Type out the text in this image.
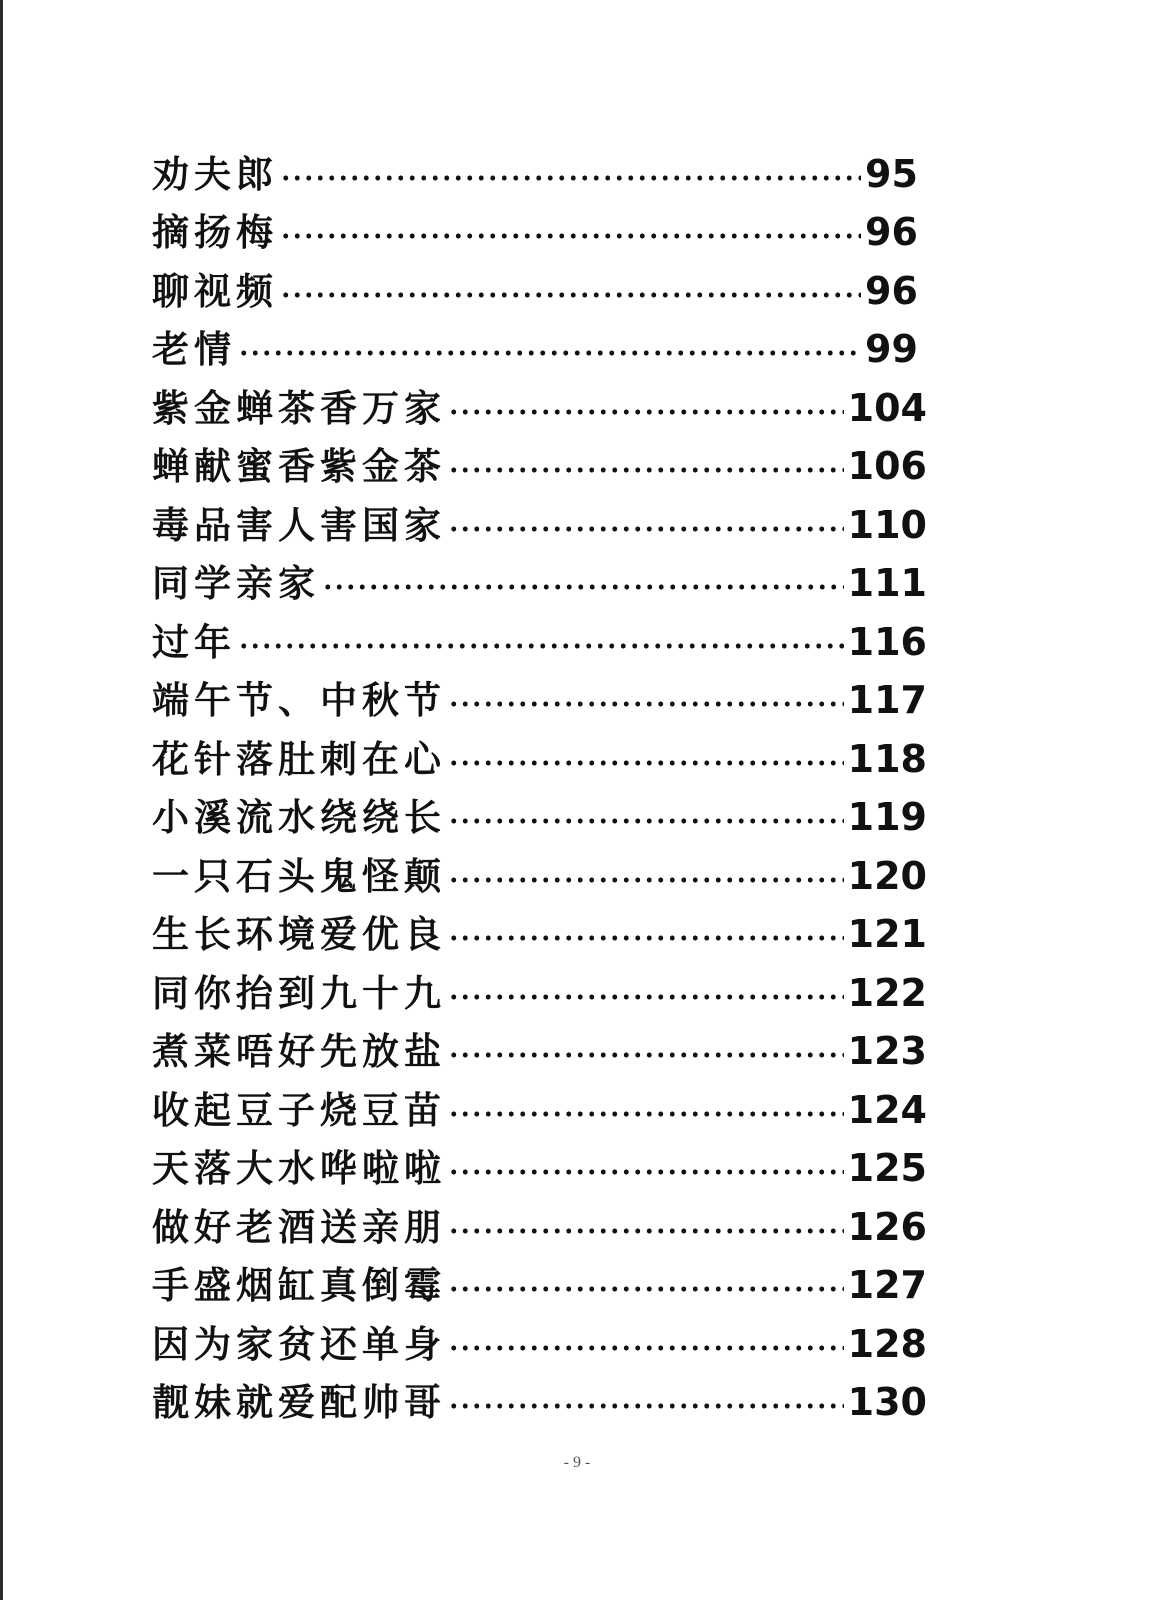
劝夫郎	95
摘扬梅	96
聊视频	96
老情	99
紫金蝉茶香万家	104
蝉献蜜香紫金茶	106
毒品害人害国家	110
同学亲家	111
过年	116
端午节、中秋节	117
花针落肚刺在心	118
小溪流水绕绕长	119
一只石头鬼怪颠	120
生长环境爱优良	121
同你抬到九十九	122
煮菜唔好先放盐	123
收起豆子烧豆苗	124
天落大水哗啦啦	125
做好老酒送亲朋	126
手盛烟缸真倒霉	127
因为家贫还单身	128
靓妹就爱配帅哥	130
- 9 -
